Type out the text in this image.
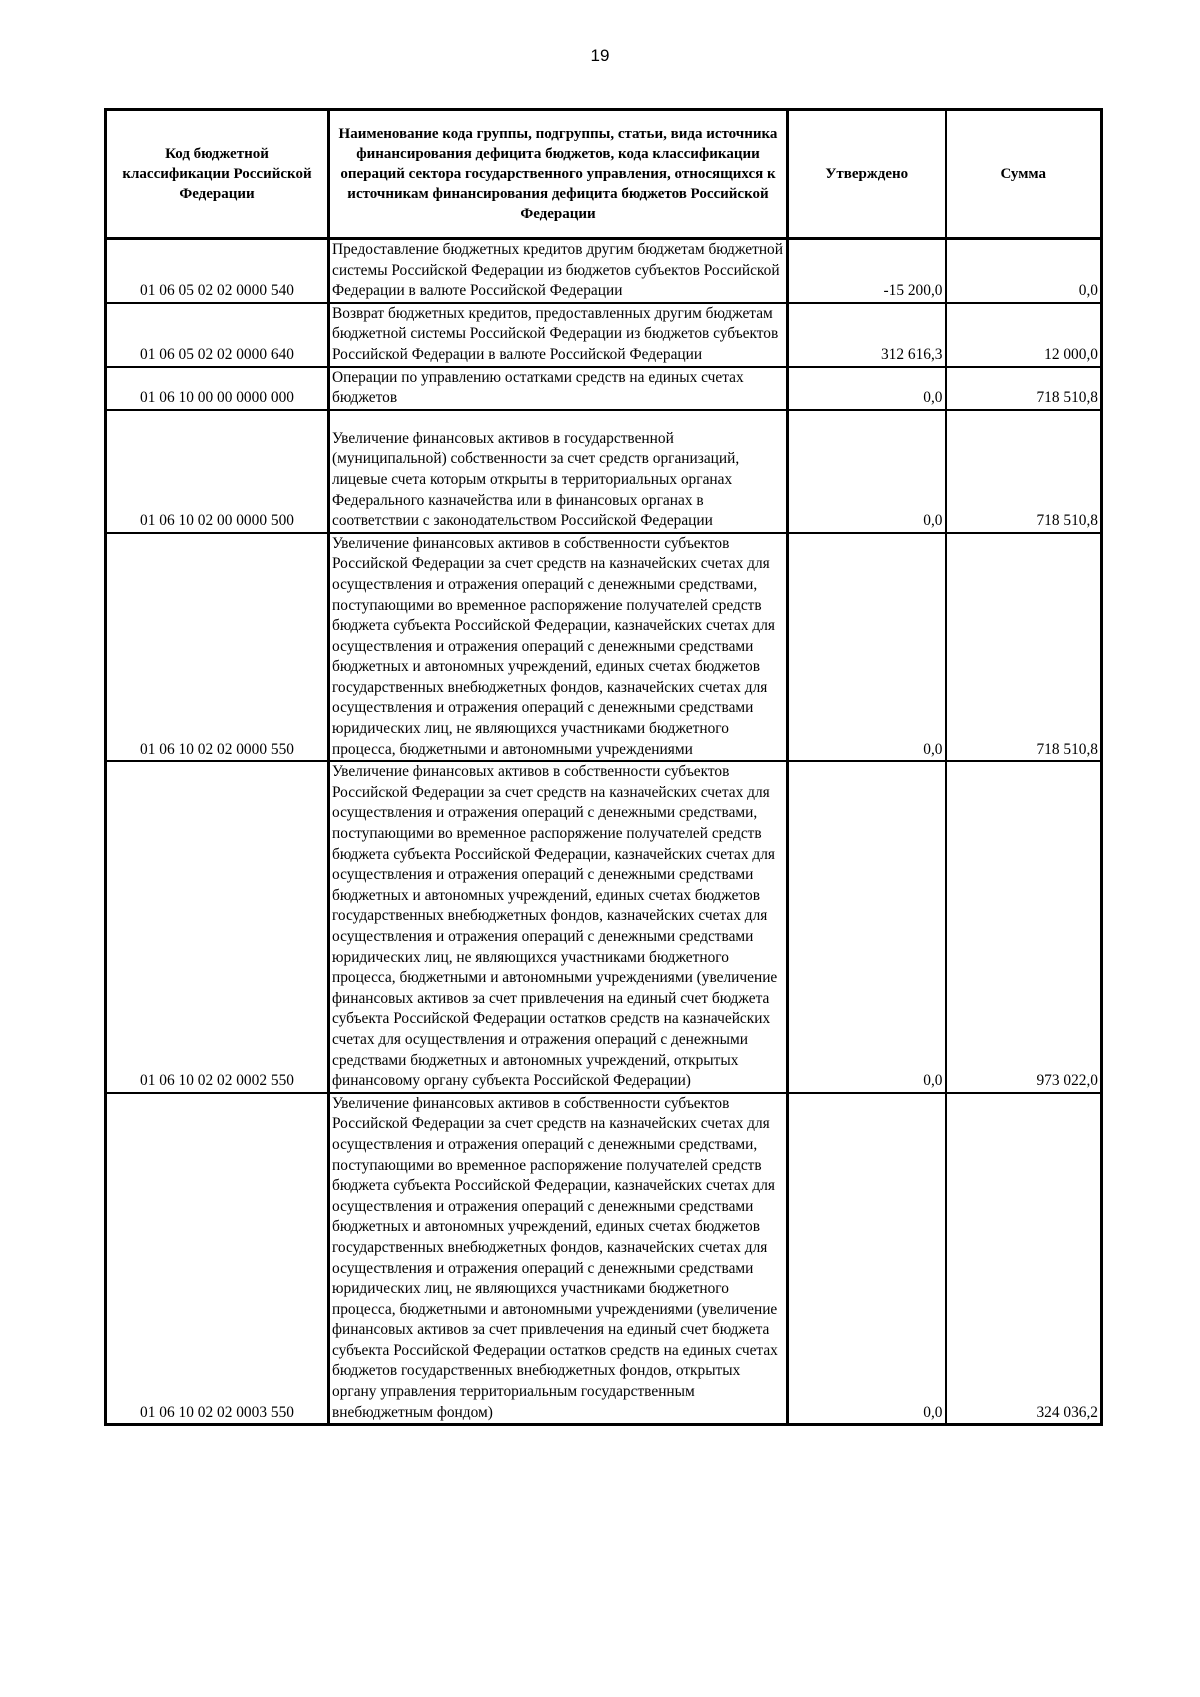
19
Код бюджетной классификации Российской Федерации	Наименование кода группы, подгруппы, статьи, вида источника финансирования дефицита бюджетов, кода классификации операций сектора государственного управления, относящихся к источникам финансирования дефицита бюджетов Российской Федерации	Утверждено	Сумма
01 06 05 02 02 0000 540	Предоставление бюджетных кредитов другим бюджетам бюджетной системы Российской Федерации из бюджетов субъектов Российской Федерации в валюте Российской Федерации	-15 200,0	0,0
01 06 05 02 02 0000 640	Возврат бюджетных кредитов, предоставленных другим бюджетам бюджетной системы Российской Федерации из бюджетов субъектов Российской Федерации в валюте Российской Федерации	312 616,3	12 000,0
01 06 10 00 00 0000 000	Операции по управлению остатками средств на единых счетах бюджетов	0,0	718 510,8
01 06 10 02 00 0000 500	Увеличение финансовых активов в государственной (муниципальной) собственности за счет средств организаций, лицевые счета которым открыты в территориальных органах Федерального казначейства или в финансовых органах в соответствии с законодательством Российской Федерации	0,0	718 510,8
01 06 10 02 02 0000 550	Увеличение финансовых активов в собственности субъектов Российской Федерации за счет средств на казначейских счетах для осуществления и отражения операций с денежными средствами, поступающими во временное распоряжение получателей средств бюджета субъекта Российской Федерации, казначейских счетах для осуществления и отражения операций с денежными средствами бюджетных и автономных учреждений, единых счетах бюджетов государственных внебюджетных фондов, казначейских счетах для осуществления и отражения операций с денежными средствами юридических лиц, не являющихся участниками бюджетного процесса, бюджетными и автономными учреждениями	0,0	718 510,8
01 06 10 02 02 0002 550	Увеличение финансовых активов в собственности субъектов Российской Федерации за счет средств на казначейских счетах для осуществления и отражения операций с денежными средствами, поступающими во временное распоряжение получателей средств бюджета субъекта Российской Федерации, казначейских счетах для осуществления и отражения операций с денежными средствами бюджетных и автономных учреждений, единых счетах бюджетов государственных внебюджетных фондов, казначейских счетах для осуществления и отражения операций с денежными средствами юридических лиц, не являющихся участниками бюджетного процесса, бюджетными и автономными учреждениями (увеличение финансовых активов за счет привлечения на единый счет бюджета субъекта Российской Федерации остатков средств на казначейских счетах для осуществления и отражения операций с денежными средствами бюджетных и автономных учреждений, открытых финансовому органу субъекта Российской Федерации)	0,0	973 022,0
01 06 10 02 02 0003 550	Увеличение финансовых активов в собственности субъектов Российской Федерации за счет средств на казначейских счетах для осуществления и отражения операций с денежными средствами, поступающими во временное распоряжение получателей средств бюджета субъекта Российской Федерации, казначейских счетах для осуществления и отражения операций с денежными средствами бюджетных и автономных учреждений, единых счетах бюджетов государственных внебюджетных фондов, казначейских счетах для осуществления и отражения операций с денежными средствами юридических лиц, не являющихся участниками бюджетного процесса, бюджетными и автономными учреждениями (увеличение финансовых активов за счет привлечения на единый счет бюджета субъекта Российской Федерации остатков средств на единых счетах бюджетов государственных внебюджетных фондов, открытых органу управления территориальным государственным внебюджетным фондом)	0,0	324 036,2
